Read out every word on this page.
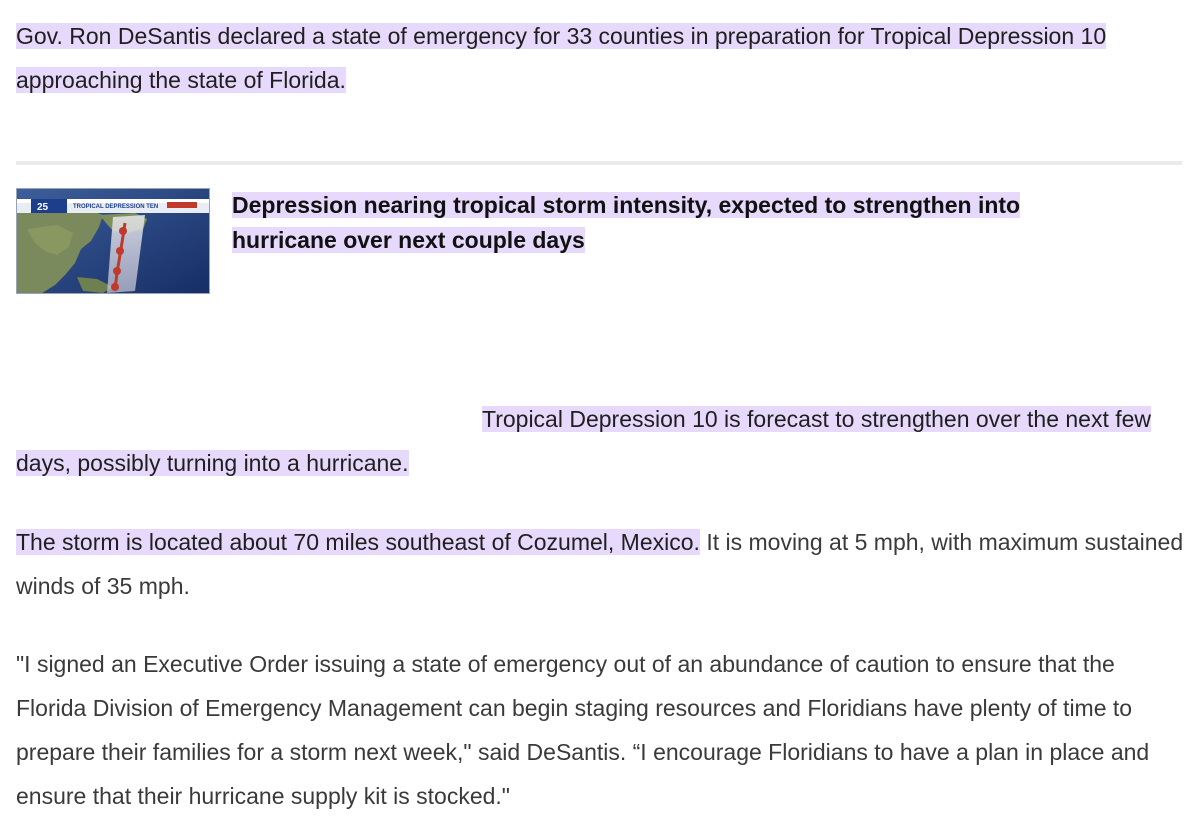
Gov. Ron DeSantis declared a state of emergency for 33 counties in preparation for Tropical Depression 10 approaching the state of Florida.

25	TROPICAL DEPRESSION TEN	Depression nearing tropical storm intensity, expected to strengthen into hurricane over next couple days

Tropical Depression 10 is forecast to strengthen over the next few days, possibly turning into a hurricane.

The storm is located about 70 miles southeast of Cozumel, Mexico. It is moving at 5 mph, with maximum sustained winds of 35 mph.

"I signed an Executive Order issuing a state of emergency out of an abundance of caution to ensure that the Florida Division of Emergency Management can begin staging resources and Floridians have plenty of time to prepare their families for a storm next week," said DeSantis. “I encourage Floridians to have a plan in place and ensure that their hurricane supply kit is stocked."
